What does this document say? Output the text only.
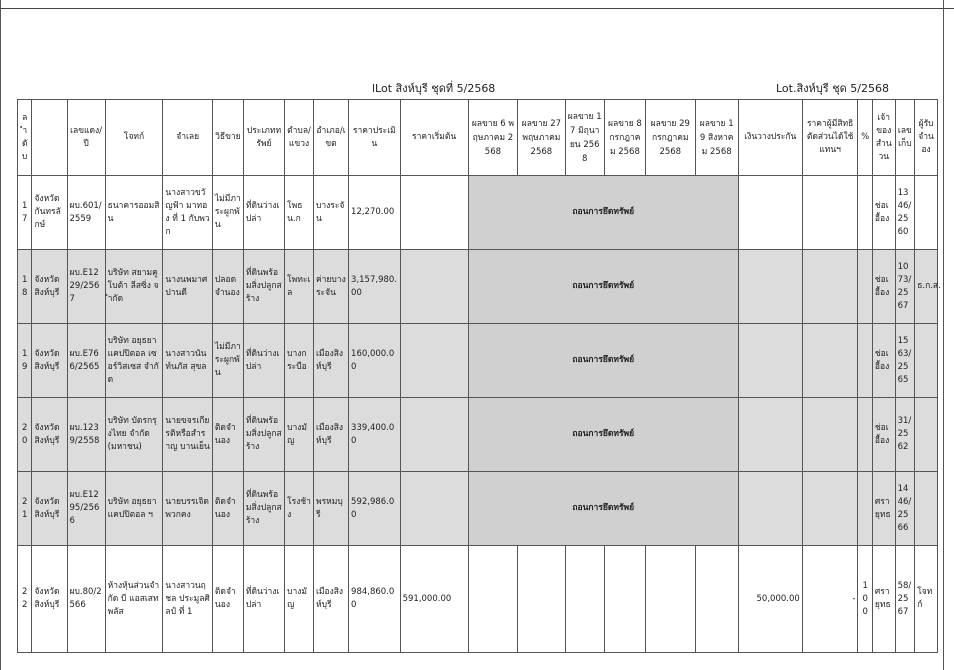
lLot สิงห์บุรี ชุดที่ 5/2568	Lot.สิงห์บุรี ชุด 5/2568
ลำดับ		เลขแดง/ปี	โจทก์	จำเลย	วิธีขาย	ประเภททรัพย์	ตำบล/แขวง	อำเภอ/เขต	ราคาประเมิน	ราคาเริ่มต้น	ผลขาย 6 พฤษภาคม 2568	ผลขาย 27 พฤษภาคม 2568	ผลขาย 17 มิถุนายน 2568	ผลขาย 8 กรกฎาคม 2568	ผลขาย 29 กรกฎาคม 2568	ผลขาย 19 สิงหาคม 2568	เงินวางประกัน	ราคาผู้มีสิทธิตัดส่วนได้ใช้แทนฯ	%	เจ้าของสำนวน	เลขเก็บ	ผู้รับจำนอง
17	จังหวัดกันทรลักษ์	ผบ.601/2559	ธนาคารออมสิน	นางสาวขวัญฟ้า มาทอง ที่ 1 กับพวก	ไม่มีภาระผูกพัน	ที่ดินว่างเปล่า	โพธน.ก	บางระจัน	12,270.00		ถอนการยึดทรัพย์									ช่อเอื้อง	1346/2560	
18	จังหวัดสิงห์บุรี	ผบ.E1229/2567	บริษัท สยามคูโบต้า ลีสซิ่ง จำกัด	นางนพมาศ ปานดี	ปลอดจำนอง	ที่ดินพร้อมสิ่งปลูกสร้าง	โพทะเล	ค่ายบางระจัน	3,157,980.00		ถอนการยึดทรัพย์									ช่อเอื้อง	1073/2567	ธ.ก.ส.
19	จังหวัดสิงห์บุรี	ผบ.E766/2565	บริษัท อยุธยา แคปปิตอล เซอร์วิสเซส จำกัด	นางสาวนันท์นภัส สุขล	ไม่มีภาระผูกพัน	ที่ดินว่างเปล่า	บางกระบือ	เมืองสิงห์บุรี	160,000.00		ถอนการยึดทรัพย์									ช่อเอื้อง	1563/2565	
20	จังหวัดสิงห์บุรี	ผบ.1239/2558	บริษัท บัตรกรุงไทย จำกัด (มหาชน)	นายขจรเกียรติหรือสำราญ บานเย็น	ติดจำนอง	ที่ดินพร้อมสิ่งปลูกสร้าง	บางมัญ	เมืองสิงห์บุรี	339,400.00		ถอนการยึดทรัพย์									ช่อเอื้อง	31/2562	
21	จังหวัดสิงห์บุรี	ผบ.E1295/2566	บริษัท อยุธยา แคปปิตอล ฯ	นายบรรเจิด พวกคง	ติดจำนอง	ที่ดินพร้อมสิ่งปลูกสร้าง	โรงช้าง	พรหมบุรี	592,986.00		ถอนการยึดทรัพย์									ศรายุทธ	1446/2566	
22	จังหวัดสิงห์บุรี	ผบ.80/2566	ห้างหุ้นส่วนจำกัด บี แอสเสท พลัส	นางสาวนฤชล ประมูลศิลป์ ที่ 1	ติดจำนอง	ที่ดินว่างเปล่า	บางมัญ	เมืองสิงห์บุรี	984,860.00	591,000.00							50,000.00	-	100	ศรายุทธ	58/2567	โจทก์
